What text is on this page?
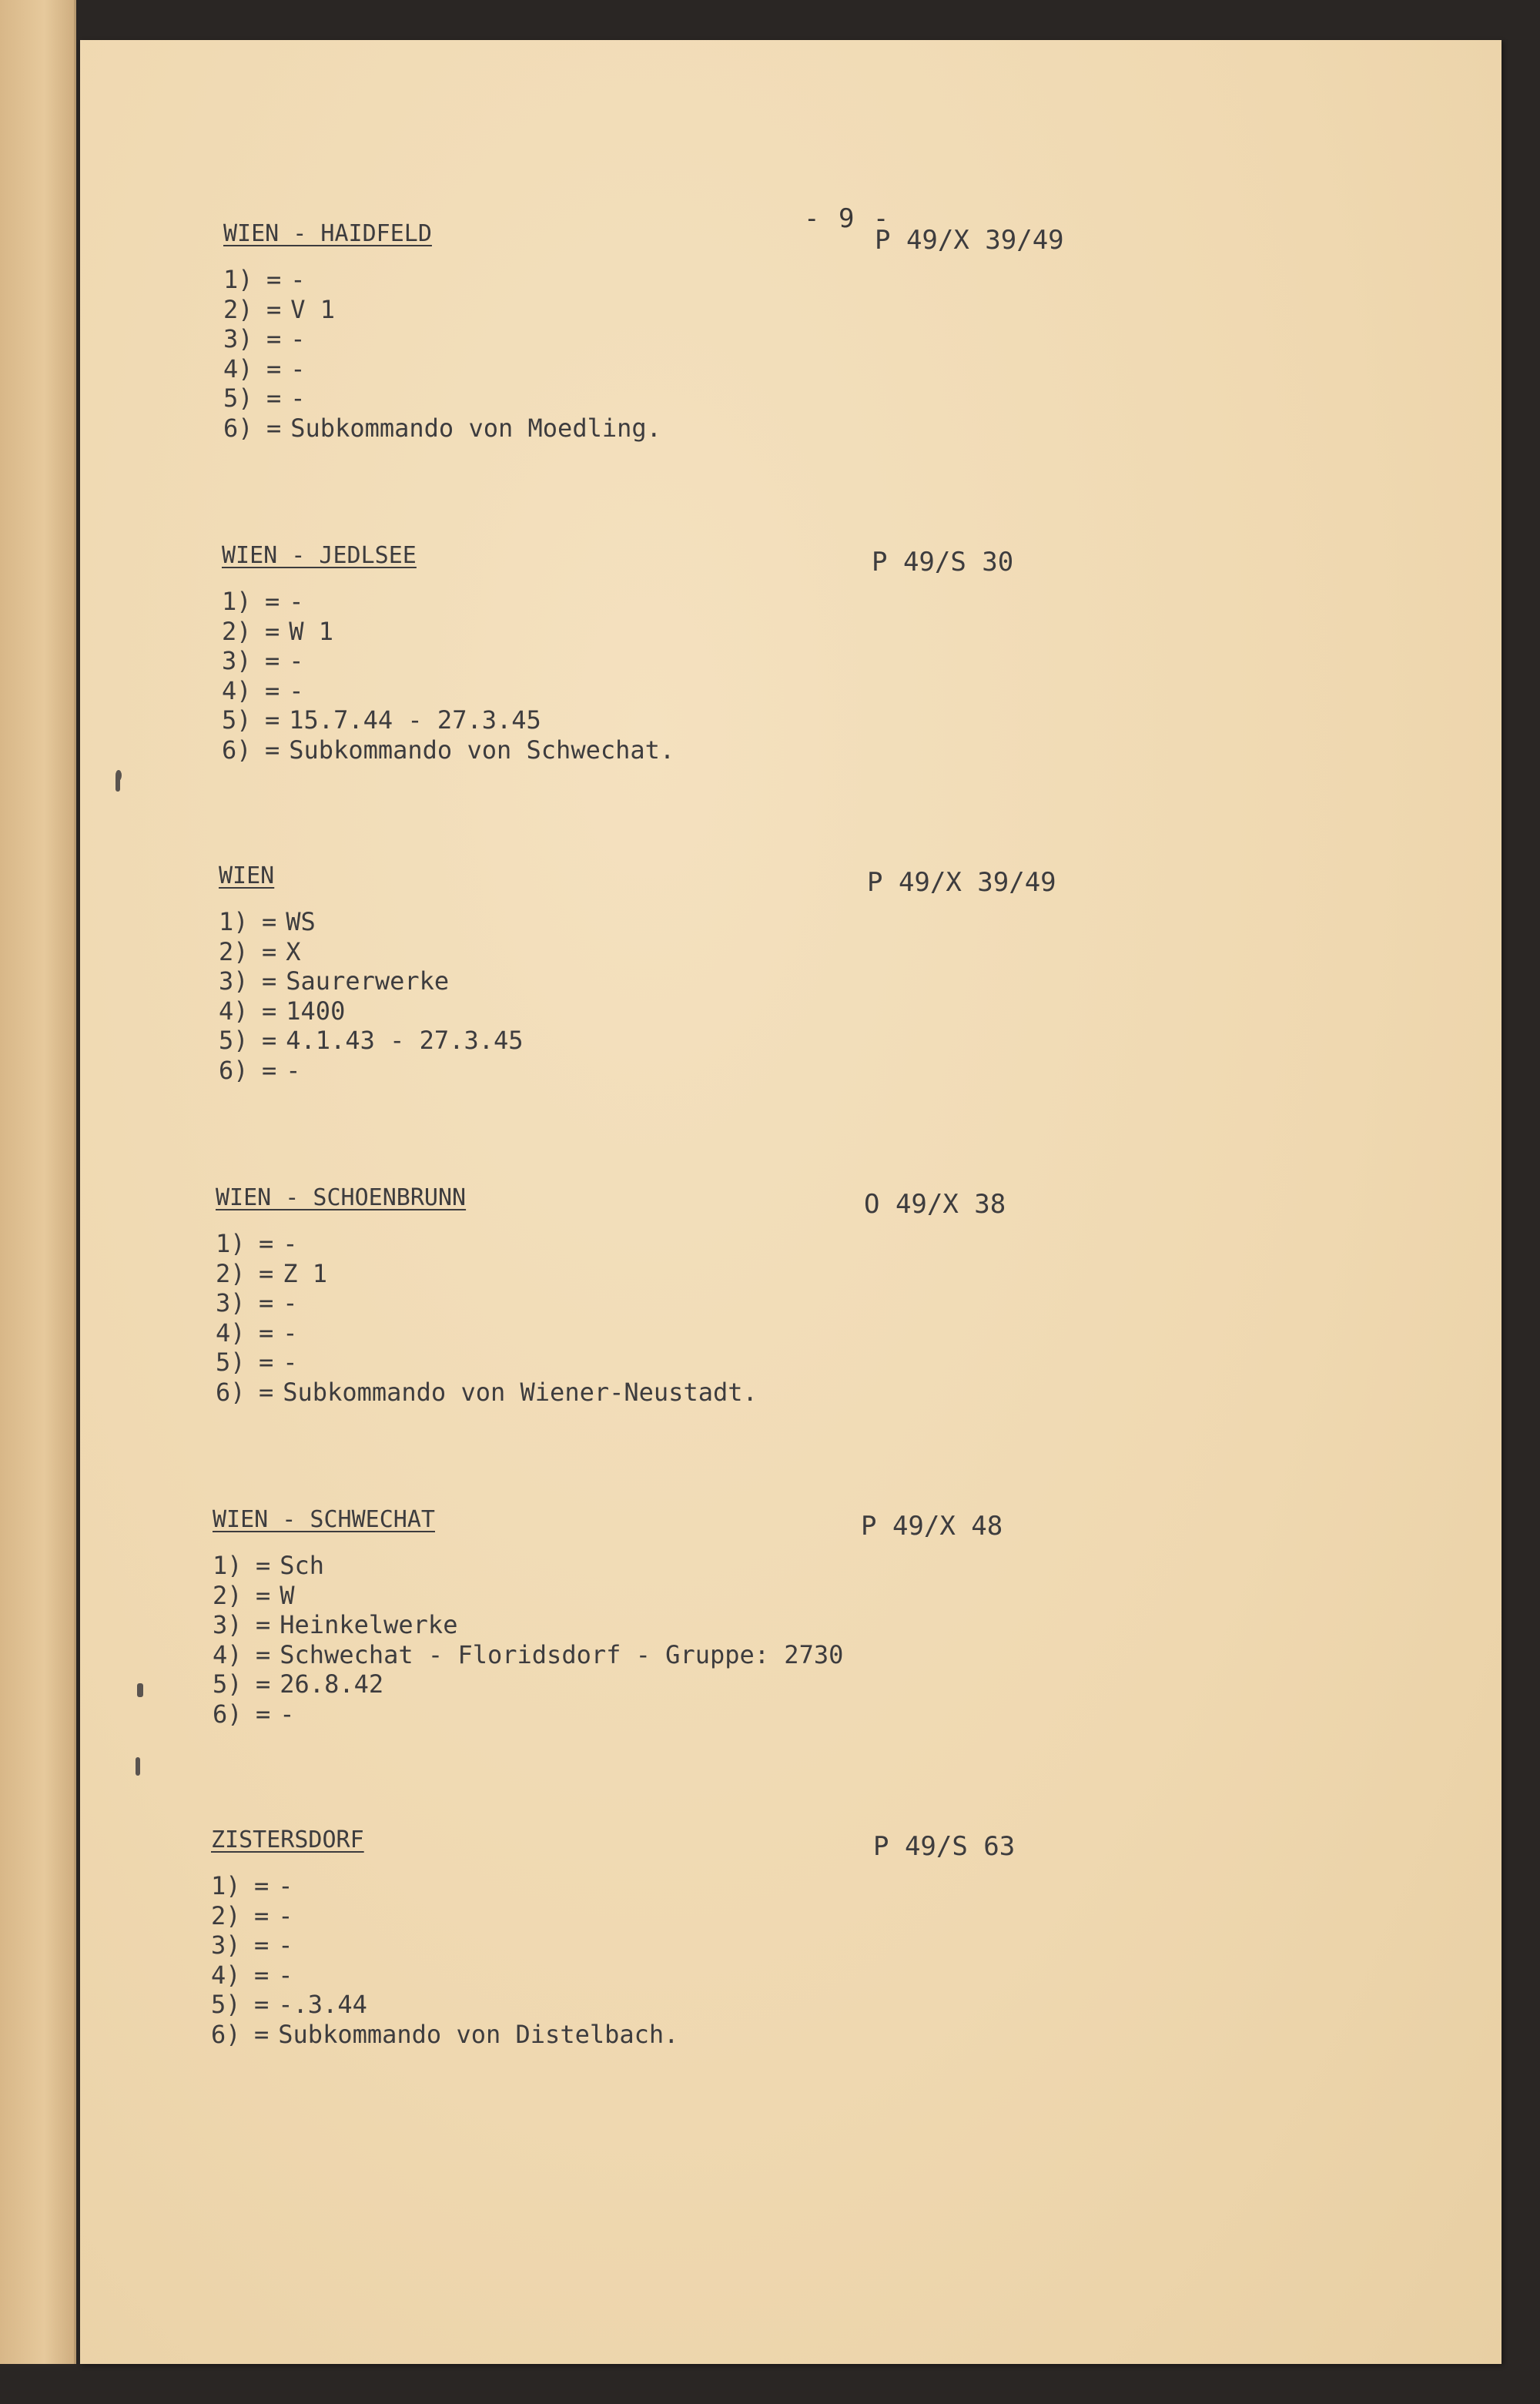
- 9 -
WIEN - HAIDFELD	P 49/X 39/49
1) = -
2) = V 1
3) = -
4) = -
5) = -
6) = Subkommando von Moedling.
WIEN - JEDLSEE	P 49/S 30
1) = -
2) = W 1
3) = -
4) = -
5) = 15.7.44 - 27.3.45
6) = Subkommando von Schwechat.
WIEN	P 49/X 39/49
1) = WS
2) = X
3) = Saurerwerke
4) = 1400
5) = 4.1.43 - 27.3.45
6) = -
WIEN - SCHOENBRUNN	O 49/X 38
1) = -
2) = Z 1
3) = -
4) = -
5) = -
6) = Subkommando von Wiener-Neustadt.
WIEN - SCHWECHAT	P 49/X 48
1) = Sch
2) = W
3) = Heinkelwerke
4) = Schwechat - Floridsdorf - Gruppe: 2730
5) = 26.8.42
6) = -
ZISTERSDORF	P 49/S 63
1) = -
2) = -
3) = -
4) = -
5) = -.3.44
6) = Subkommando von Distelbach.
